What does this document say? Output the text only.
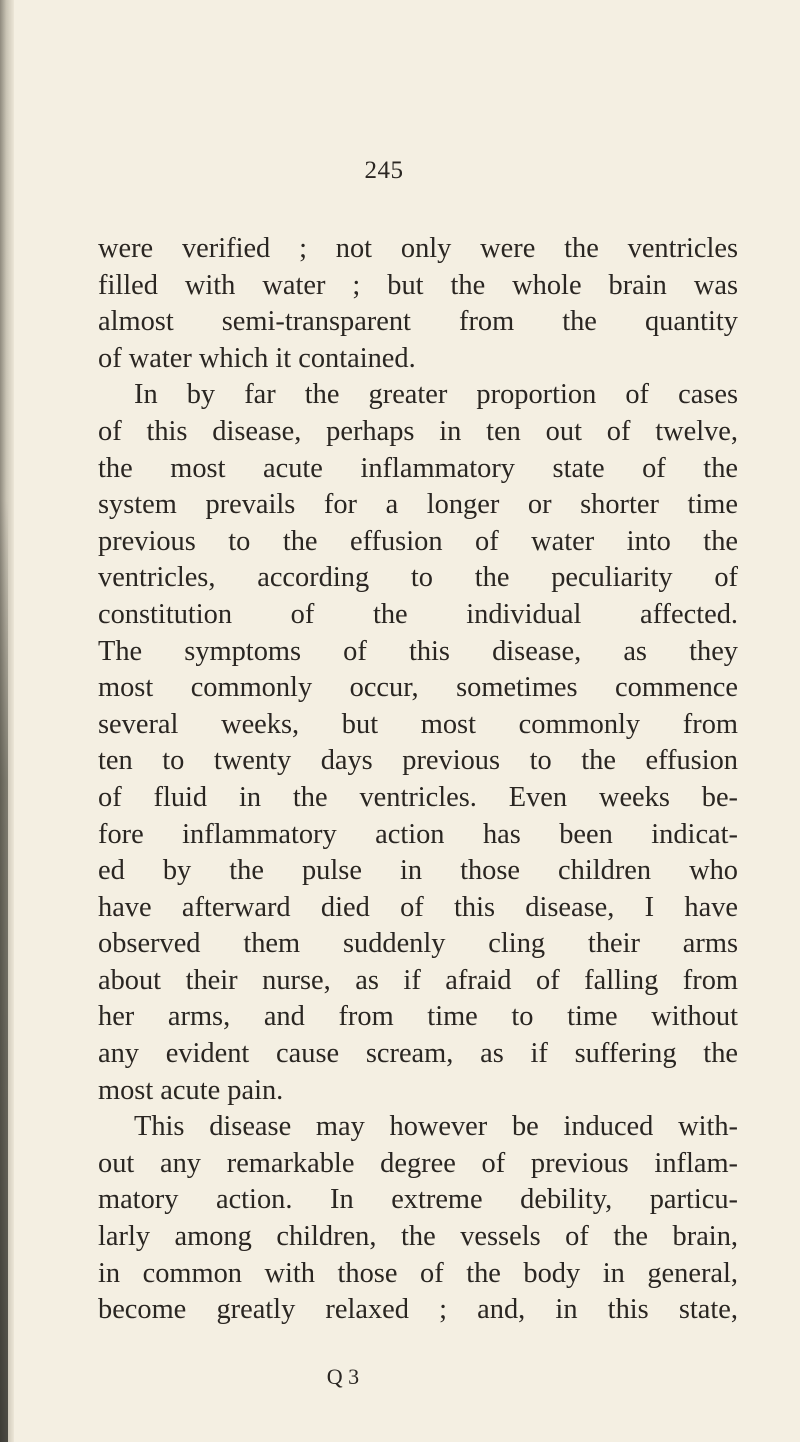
245
were verified ; not only were the ventricles
filled with water ; but the whole brain was
almost semi-transparent from the quantity
of water which it contained.
In by far the greater proportion of cases
of this disease, perhaps in ten out of twelve,
the most acute inflammatory state of the
system prevails for a longer or shorter time
previous to the effusion of water into the
ventricles, according to the peculiarity of
constitution of the individual affected.
The symptoms of this disease, as they
most commonly occur, sometimes commence
several weeks, but most commonly from
ten to twenty days previous to the effusion
of fluid in the ventricles. Even weeks be-
fore inflammatory action has been indicat-
ed by the pulse in those children who
have afterward died of this disease, I have
observed them suddenly cling their arms
about their nurse, as if afraid of falling from
her arms, and from time to time without
any evident cause scream, as if suffering the
most acute pain.
This disease may however be induced with-
out any remarkable degree of previous inflam-
matory action. In extreme debility, particu-
larly among children, the vessels of the brain,
in common with those of the body in general,
become greatly relaxed ; and, in this state,
Q 3
